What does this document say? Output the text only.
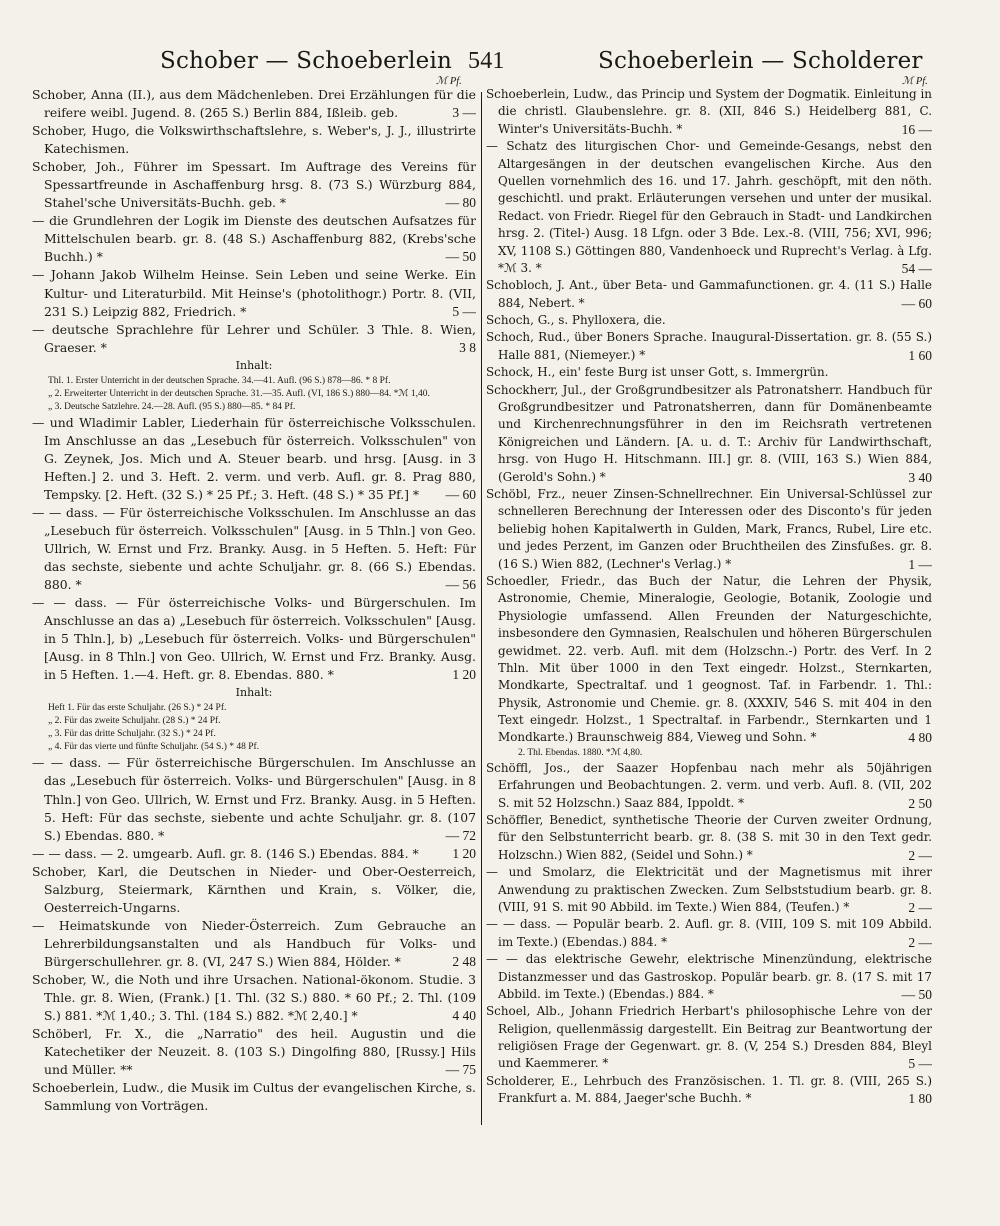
Schober — Schoeberlein 541	Schoeberlein — Scholderer
ℳ Pf.	ℳ Pf.
Schober, Anna (II.), aus dem Mädchenleben. Drei Erzählungen für die reifere weibl. Jugend. 8. (265 S.) Berlin 884, Ißleib. geb.	3 —
Schober, Hugo, die Volkswirthschaftslehre, s. Weber's, J. J., illustrirte Katechismen.
Schober, Joh., Führer im Spessart. Im Auftrage des Vereins für Spessartfreunde in Aschaffenburg hrsg. 8. (73 S.) Würzburg 884, Stahel'sche Universitäts-Buchh. geb. *	— 80
— die Grundlehren der Logik im Dienste des deutschen Aufsatzes für Mittelschulen bearb. gr. 8. (48 S.) Aschaffenburg 882, (Krebs'sche Buchh.) *	— 50
— Johann Jakob Wilhelm Heinse. Sein Leben und seine Werke. Ein Kultur- und Literaturbild. Mit Heinse's (photolithogr.) Portr. 8. (VII, 231 S.) Leipzig 882, Friedrich. *	5 —
— deutsche Sprachlehre für Lehrer und Schüler. 3 Thle. 8. Wien, Graeser. *	3 8
Inhalt:
Thl. 1. Erster Unterricht in der deutschen Sprache. 34.—41. Aufl. (96 S.) 878—86. * 8 Pf.
„ 2. Erweiterter Unterricht in der deutschen Sprache. 31.—35. Aufl. (VI, 186 S.) 880—84. *ℳ 1,40.
„ 3. Deutsche Satzlehre. 24.—28. Aufl. (95 S.) 880—85. * 84 Pf.
— und Wladimir Labler, Liederhain für österreichische Volksschulen. Im Anschlusse an das „Lesebuch für österreich. Volksschulen" von G. Zeynek, Jos. Mich und A. Steuer bearb. und hrsg. [Ausg. in 3 Heften.] 2. und 3. Heft. 2. verm. und verb. Aufl. gr. 8. Prag 880, Tempsky. [2. Heft. (32 S.) * 25 Pf.; 3. Heft. (48 S.) * 35 Pf.] *	— 60
— — dass. — Für österreichische Volksschulen. Im Anschlusse an das „Lesebuch für österreich. Volksschulen" [Ausg. in 5 Thln.] von Geo. Ullrich, W. Ernst und Frz. Branky. Ausg. in 5 Heften. 5. Heft: Für das sechste, siebente und achte Schuljahr. gr. 8. (66 S.) Ebendas. 880. *	— 56
— — dass. — Für österreichische Volks- und Bürgerschulen. Im Anschlusse an das a) „Lesebuch für österreich. Volksschulen" [Ausg. in 5 Thln.], b) „Lesebuch für österreich. Volks- und Bürgerschulen" [Ausg. in 8 Thln.] von Geo. Ullrich, W. Ernst und Frz. Branky. Ausg. in 5 Heften. 1.—4. Heft. gr. 8. Ebendas. 880. *	1 20
Inhalt:
Heft 1. Für das erste Schuljahr. (26 S.) * 24 Pf.
„ 2. Für das zweite Schuljahr. (28 S.) * 24 Pf.
„ 3. Für das dritte Schuljahr. (32 S.) * 24 Pf.
„ 4. Für das vierte und fünfte Schuljahr. (54 S.) * 48 Pf.
— — dass. — Für österreichische Bürgerschulen. Im Anschlusse an das „Lesebuch für österreich. Volks- und Bürgerschulen" [Ausg. in 8 Thln.] von Geo. Ullrich, W. Ernst und Frz. Branky. Ausg. in 5 Heften. 5. Heft: Für das sechste, siebente und achte Schuljahr. gr. 8. (107 S.) Ebendas. 880. *	— 72
— — dass. — 2. umgearb. Aufl. gr. 8. (146 S.) Ebendas. 884. *	1 20
Schober, Karl, die Deutschen in Nieder- und Ober-Oesterreich, Salzburg, Steiermark, Kärnthen und Krain, s. Völker, die, Oesterreich-Ungarns.
— Heimatskunde von Nieder-Österreich. Zum Gebrauche an Lehrerbildungsanstalten und als Handbuch für Volks- und Bürgerschullehrer. gr. 8. (VI, 247 S.) Wien 884, Hölder. *	2 48
Schober, W., die Noth und ihre Ursachen. National-ökonom. Studie. 3 Thle. gr. 8. Wien, (Frank.) [1. Thl. (32 S.) 880. * 60 Pf.; 2. Thl. (109 S.) 881. *ℳ 1,40.; 3. Thl. (184 S.) 882. *ℳ 2,40.] *	4 40
Schöberl, Fr. X., die „Narratio" des heil. Augustin und die Katechetiker der Neuzeit. 8. (103 S.) Dingolfing 880, [Russy.] Hils und Müller. **	— 75
Schoeberlein, Ludw., die Musik im Cultus der evangelischen Kirche, s. Sammlung von Vorträgen.
Schoeberlein, Ludw., das Princip und System der Dogmatik. Einleitung in die christl. Glaubenslehre. gr. 8. (XII, 846 S.) Heidelberg 881, C. Winter's Universitäts-Buchh. *	16 —
— Schatz des liturgischen Chor- und Gemeinde-Gesangs, nebst den Altargesängen in der deutschen evangelischen Kirche. Aus den Quellen vornehmlich des 16. und 17. Jahrh. geschöpft, mit den nöth. geschichtl. und prakt. Erläuterungen versehen und unter der musikal. Redact. von Friedr. Riegel für den Gebrauch in Stadt- und Landkirchen hrsg. 2. (Titel-) Ausg. 18 Lfgn. oder 3 Bde. Lex.-8. (VIII, 756; XVI, 996; XV, 1108 S.) Göttingen 880, Vandenhoeck und Ruprecht's Verlag. à Lfg. *ℳ 3. *	54 —
Schobloch, J. Ant., über Beta- und Gammafunctionen. gr. 4. (11 S.) Halle 884, Nebert. *	— 60
Schoch, G., s. Phylloxera, die.
Schoch, Rud., über Boners Sprache. Inaugural-Dissertation. gr. 8. (55 S.) Halle 881, (Niemeyer.) *	1 60
Schock, H., ein' feste Burg ist unser Gott, s. Immergrün.
Schockherr, Jul., der Großgrundbesitzer als Patronatsherr. Handbuch für Großgrundbesitzer und Patronatsherren, dann für Domänenbeamte und Kirchenrechnungsführer in den im Reichsrath vertretenen Königreichen und Ländern. [A. u. d. T.: Archiv für Landwirthschaft, hrsg. von Hugo H. Hitschmann. III.] gr. 8. (VIII, 163 S.) Wien 884, (Gerold's Sohn.) *	3 40
Schöbl, Frz., neuer Zinsen-Schnellrechner. Ein Universal-Schlüssel zur schnelleren Berechnung der Interessen oder des Disconto's für jeden beliebig hohen Kapitalwerth in Gulden, Mark, Francs, Rubel, Lire etc. und jedes Perzent, im Ganzen oder Bruchtheilen des Zinsfußes. gr. 8. (16 S.) Wien 882, (Lechner's Verlag.) *	1 —
Schoedler, Friedr., das Buch der Natur, die Lehren der Physik, Astronomie, Chemie, Mineralogie, Geologie, Botanik, Zoologie und Physiologie umfassend. Allen Freunden der Naturgeschichte, insbesondere den Gymnasien, Realschulen und höheren Bürgerschulen gewidmet. 22. verb. Aufl. mit dem (Holzschn.-) Portr. des Verf. In 2 Thln. Mit über 1000 in den Text eingedr. Holzst., Sternkarten, Mondkarte, Spectraltaf. und 1 geognost. Taf. in Farbendr. 1. Thl.: Physik, Astronomie und Chemie. gr. 8. (XXXIV, 546 S. mit 404 in den Text eingedr. Holzst., 1 Spectraltaf. in Farbendr., Sternkarten und 1 Mondkarte.) Braunschweig 884, Vieweg und Sohn. *	4 80
2. Thl. Ebendas. 1880. *ℳ 4,80.
Schöffl, Jos., der Saazer Hopfenbau nach mehr als 50jährigen Erfahrungen und Beobachtungen. 2. verm. und verb. Aufl. 8. (VII, 202 S. mit 52 Holzschn.) Saaz 884, Ippoldt. *	2 50
Schöffler, Benedict, synthetische Theorie der Curven zweiter Ordnung, für den Selbstunterricht bearb. gr. 8. (38 S. mit 30 in den Text gedr. Holzschn.) Wien 882, (Seidel und Sohn.) *	2 —
— und Smolarz, die Elektricität und der Magnetismus mit ihrer Anwendung zu praktischen Zwecken. Zum Selbststudium bearb. gr. 8. (VIII, 91 S. mit 90 Abbild. im Texte.) Wien 884, (Teufen.) *	2 —
— — dass. — Populär bearb. 2. Aufl. gr. 8. (VIII, 109 S. mit 109 Abbild. im Texte.) (Ebendas.) 884. *	2 —
— — das elektrische Gewehr, elektrische Minenzündung, elektrische Distanzmesser und das Gastroskop. Populär bearb. gr. 8. (17 S. mit 17 Abbild. im Texte.) (Ebendas.) 884. *	— 50
Schoel, Alb., Johann Friedrich Herbart's philosophische Lehre von der Religion, quellenmässig dargestellt. Ein Beitrag zur Beantwortung der religiösen Frage der Gegenwart. gr. 8. (V, 254 S.) Dresden 884, Bleyl und Kaemmerer. *	5 —
Scholderer, E., Lehrbuch des Französischen. 1. Tl. gr. 8. (VIII, 265 S.) Frankfurt a. M. 884, Jaeger'sche Buchh. *	1 80
